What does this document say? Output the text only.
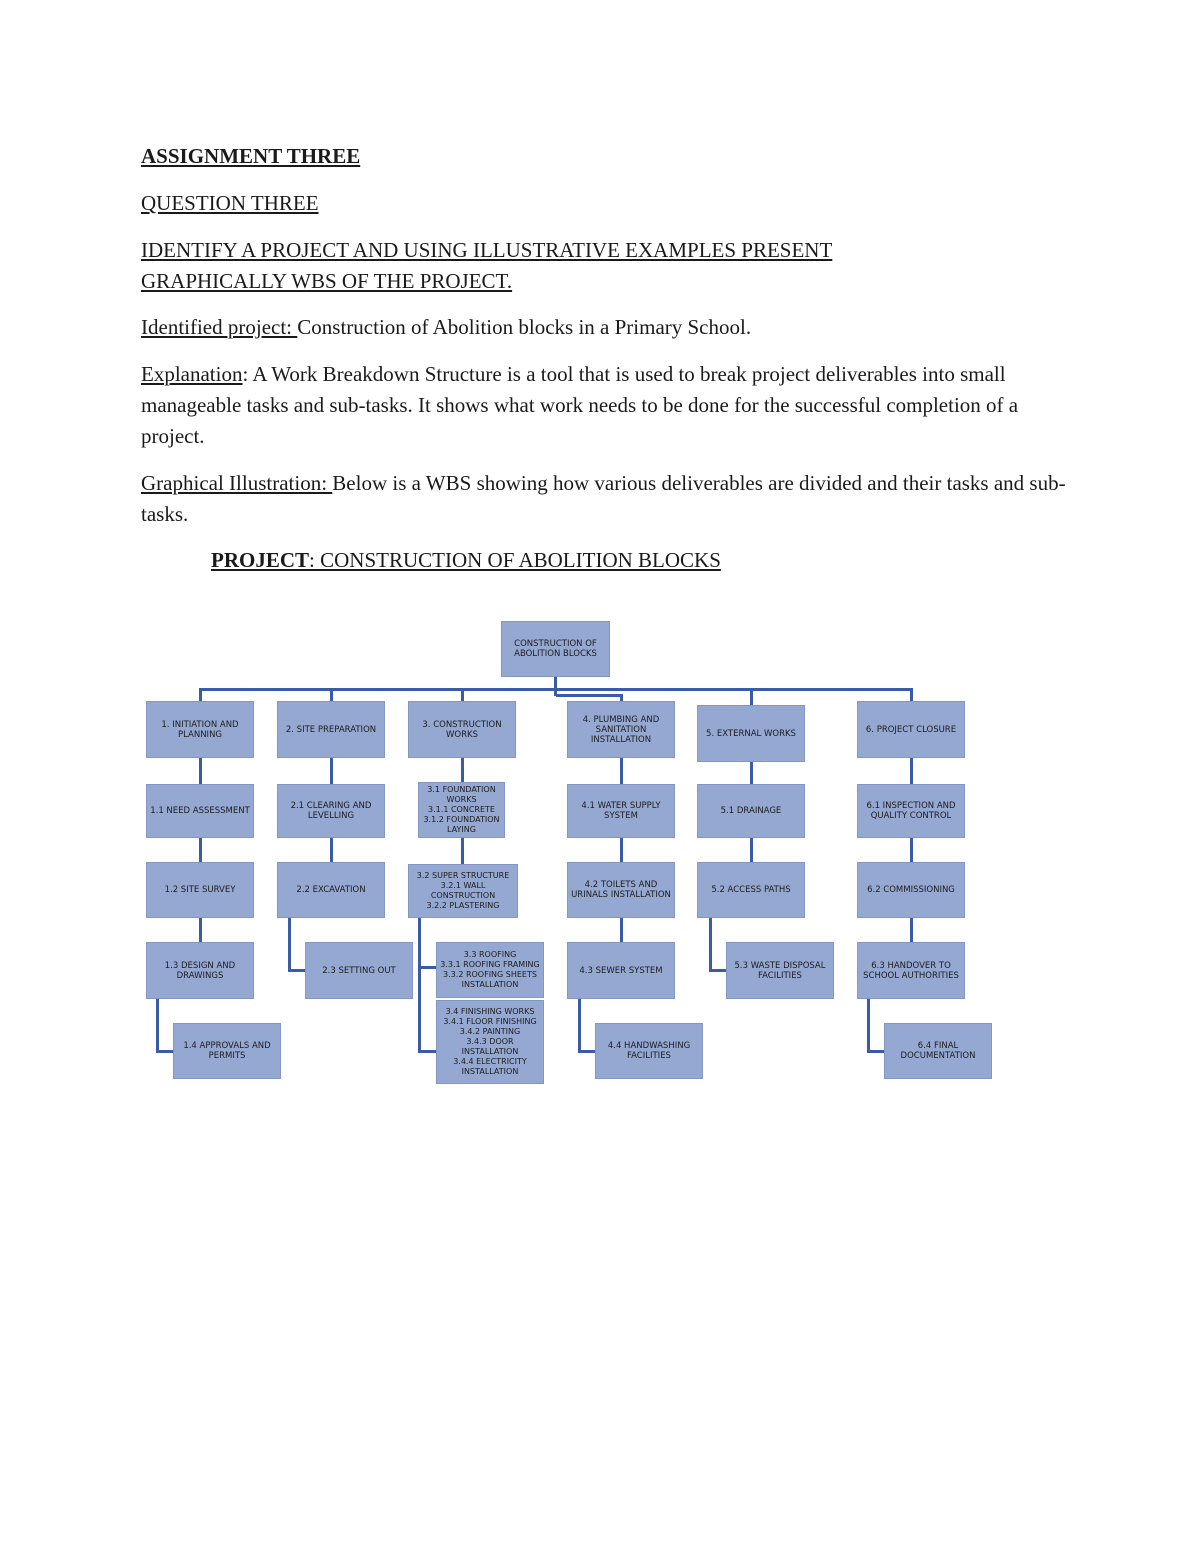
ASSIGNMENT THREE

QUESTION THREE

IDENTIFY A PROJECT AND USING ILLUSTRATIVE EXAMPLES PRESENT
GRAPHICALLY WBS OF THE PROJECT.

Identified project: Construction of Abolition blocks in a Primary School.

Explanation: A Work Breakdown Structure is a tool that is used to break project deliverables into small manageable tasks and sub-tasks. It shows what work needs to be done for the successful completion of a project.

Graphical Illustration: Below is a WBS showing how various deliverables are divided and their tasks and sub-tasks.

PROJECT: CONSTRUCTION OF ABOLITION BLOCKS

CONSTRUCTION OF ABOLITION BLOCKS
1. INITIATION AND PLANNING	2. SITE PREPARATION	3. CONSTRUCTION WORKS
4. PLUMBING AND SANITATION INSTALLATION
5. EXTERNAL WORKS	6. PROJECT CLOSURE
1.1 NEED ASSESSMENT
1.2 SITE SURVEY
1.3 DESIGN AND DRAWINGS
1.4 APPROVALS AND PERMITS
2.1 CLEARING AND LEVELLING
2.2 EXCAVATION
2.3 SETTING OUT
3.1 FOUNDATION WORKS
3.1.1 CONCRETE
3.1.2 FOUNDATION LAYING
3.2 SUPER STRUCTURE
3.2.1 WALL CONSTRUCTION
3.2.2 PLASTERING
3.3 ROOFING
3.3.1 ROOFING FRAMING
3.3.2 ROOFING SHEETS INSTALLATION
3.4 FINISHING WORKS
3.4.1 FLOOR FINISHING
3.4.2 PAINTING
3.4.3 DOOR INSTALLATION
3.4.4 ELECTRICITY INSTALLATION
4.1 WATER SUPPLY SYSTEM
4.2 TOILETS AND URINALS INSTALLATION
4.3 SEWER SYSTEM
4.4 HANDWASHING FACILITIES
5.1 DRAINAGE
5.2 ACCESS PATHS
5.3 WASTE DISPOSAL FACILITIES
6.1 INSPECTION AND QUALITY CONTROL
6.2 COMMISSIONING
6.3 HANDOVER TO SCHOOL AUTHORITIES
6.4 FINAL DOCUMENTATION
